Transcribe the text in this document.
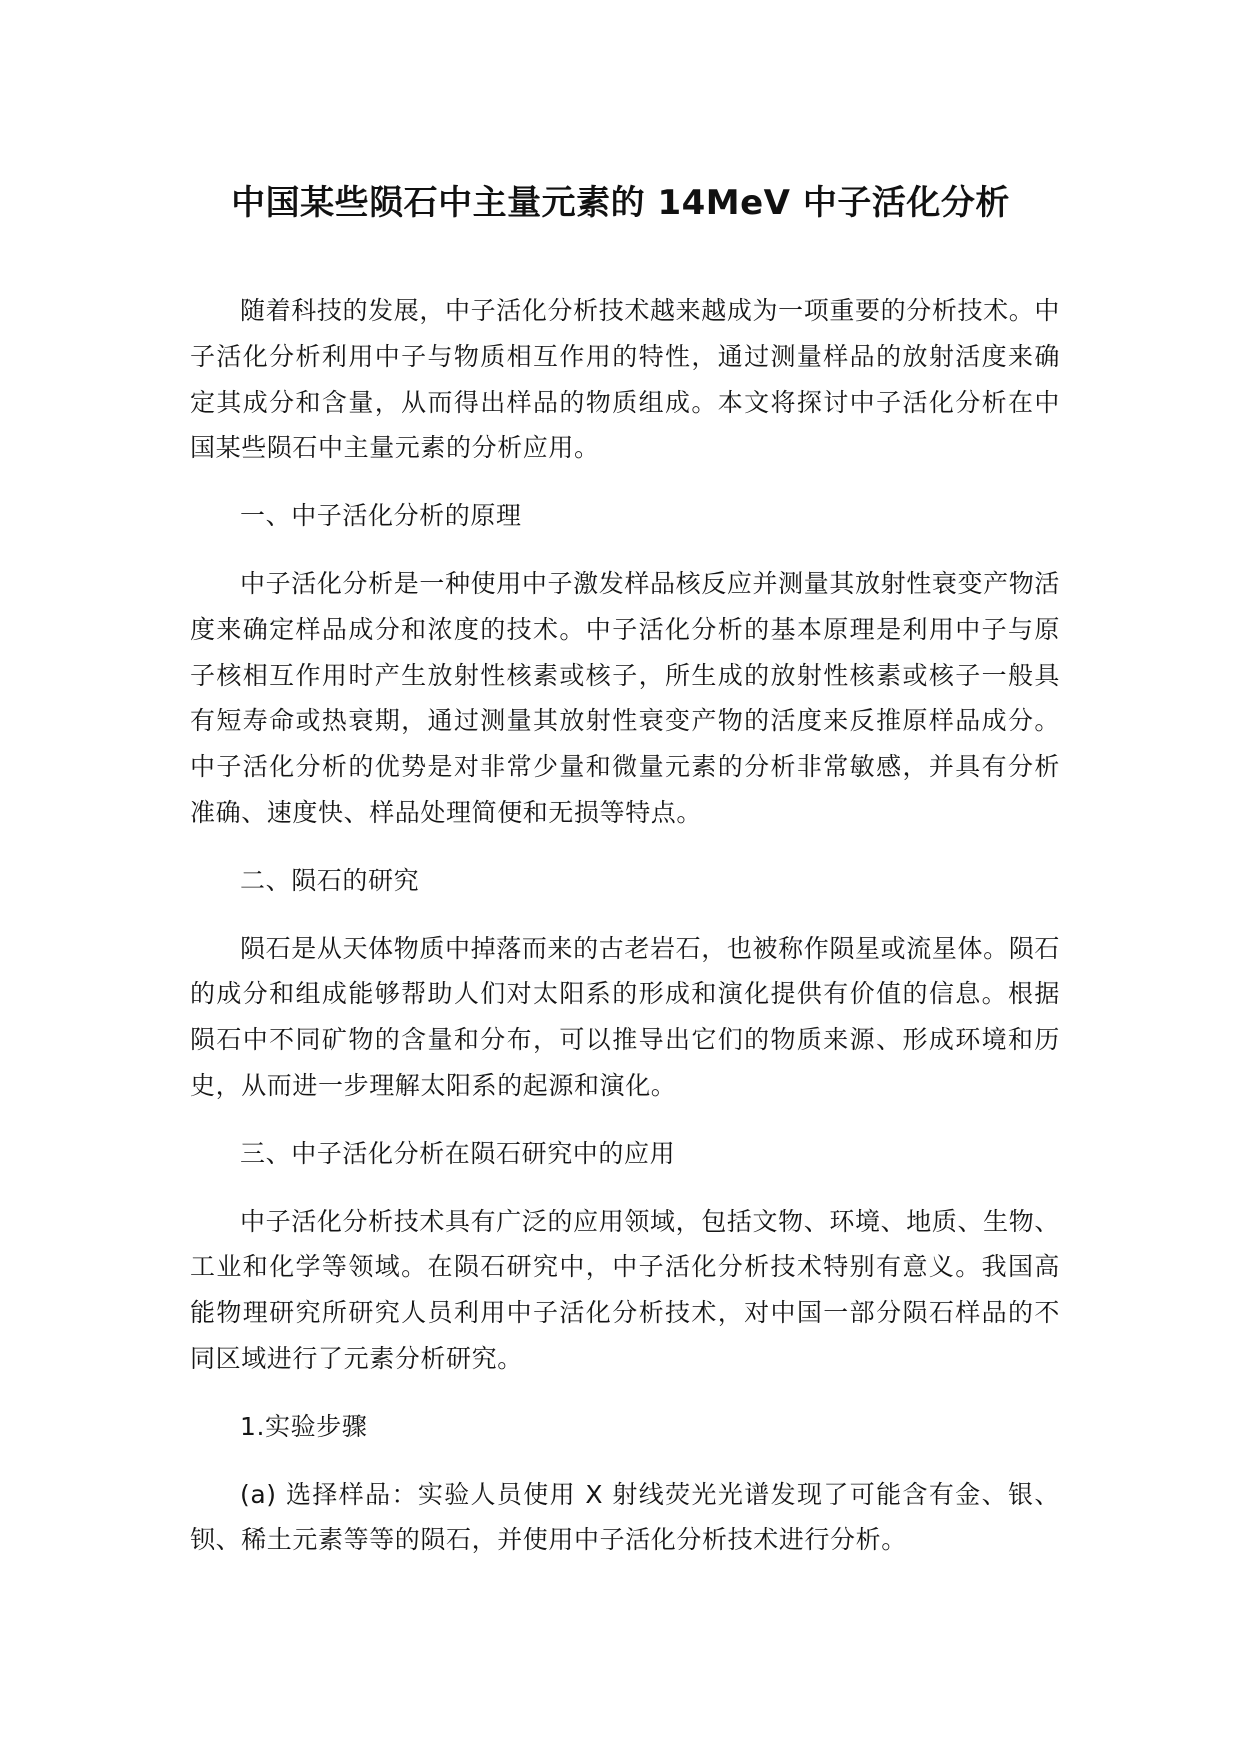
中国某些陨石中主量元素的 14MeV 中子活化分析

随着科技的发展，中子活化分析技术越来越成为一项重要的分析技术。中子活化分析利用中子与物质相互作用的特性，通过测量样品的放射活度来确定其成分和含量，从而得出样品的物质组成。本文将探讨中子活化分析在中国某些陨石中主量元素的分析应用。

一、中子活化分析的原理

中子活化分析是一种使用中子激发样品核反应并测量其放射性衰变产物活度来确定样品成分和浓度的技术。中子活化分析的基本原理是利用中子与原子核相互作用时产生放射性核素或核子，所生成的放射性核素或核子一般具有短寿命或热衰期，通过测量其放射性衰变产物的活度来反推原样品成分。中子活化分析的优势是对非常少量和微量元素的分析非常敏感，并具有分析准确、速度快、样品处理简便和无损等特点。

二、陨石的研究

陨石是从天体物质中掉落而来的古老岩石，也被称作陨星或流星体。陨石的成分和组成能够帮助人们对太阳系的形成和演化提供有价值的信息。根据陨石中不同矿物的含量和分布，可以推导出它们的物质来源、形成环境和历史，从而进一步理解太阳系的起源和演化。

三、中子活化分析在陨石研究中的应用

中子活化分析技术具有广泛的应用领域，包括文物、环境、地质、生物、工业和化学等领域。在陨石研究中，中子活化分析技术特别有意义。我国高能物理研究所研究人员利用中子活化分析技术，对中国一部分陨石样品的不同区域进行了元素分析研究。

1.实验步骤

(a) 选择样品：实验人员使用 X 射线荧光光谱发现了可能含有金、银、钡、稀土元素等等的陨石，并使用中子活化分析技术进行分析。
